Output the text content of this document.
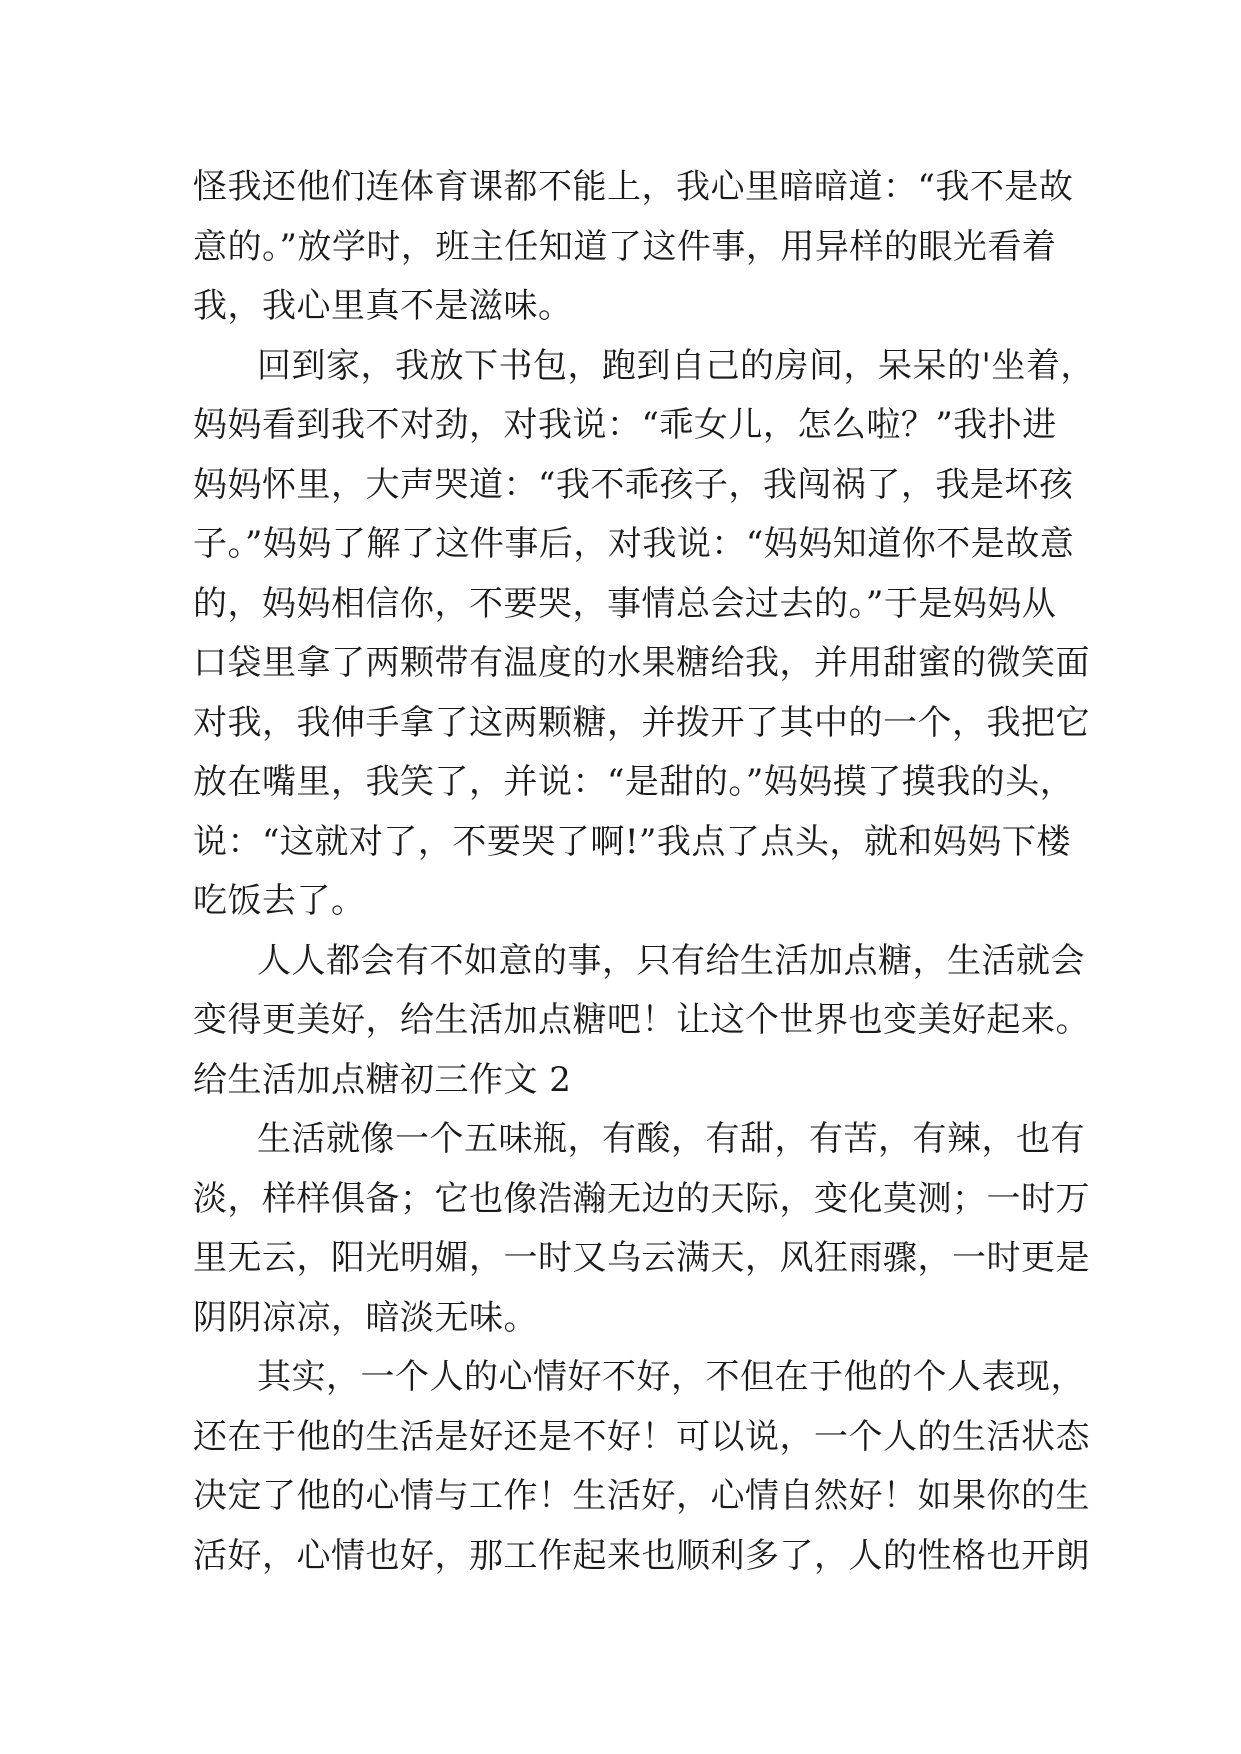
怪我还他们连体育课都不能上，我心里暗暗道：“我不是故
意的。”放学时，班主任知道了这件事，用异样的眼光看着
我，我心里真不是滋味。
回到家，我放下书包，跑到自己的房间，呆呆的'坐着，
妈妈看到我不对劲，对我说：“乖女儿，怎么啦？”我扑进
妈妈怀里，大声哭道：“我不乖孩子，我闯祸了，我是坏孩
子。”妈妈了解了这件事后，对我说：“妈妈知道你不是故意
的，妈妈相信你，不要哭，事情总会过去的。”于是妈妈从
口袋里拿了两颗带有温度的水果糖给我，并用甜蜜的微笑面
对我，我伸手拿了这两颗糖，并拨开了其中的一个，我把它
放在嘴里，我笑了，并说：“是甜的。”妈妈摸了摸我的头，
说：“这就对了，不要哭了啊!”我点了点头，就和妈妈下楼
吃饭去了。
人人都会有不如意的事，只有给生活加点糖，生活就会
变得更美好，给生活加点糖吧！让这个世界也变美好起来。
给生活加点糖初三作文 2
生活就像一个五味瓶，有酸，有甜，有苦，有辣，也有
淡，样样俱备；它也像浩瀚无边的天际，变化莫测；一时万
里无云，阳光明媚，一时又乌云满天，风狂雨骤，一时更是
阴阴凉凉，暗淡无味。
其实，一个人的心情好不好，不但在于他的个人表现，
还在于他的生活是好还是不好！可以说，一个人的生活状态
决定了他的心情与工作！生活好，心情自然好！如果你的生
活好，心情也好，那工作起来也顺利多了，人的性格也开朗
